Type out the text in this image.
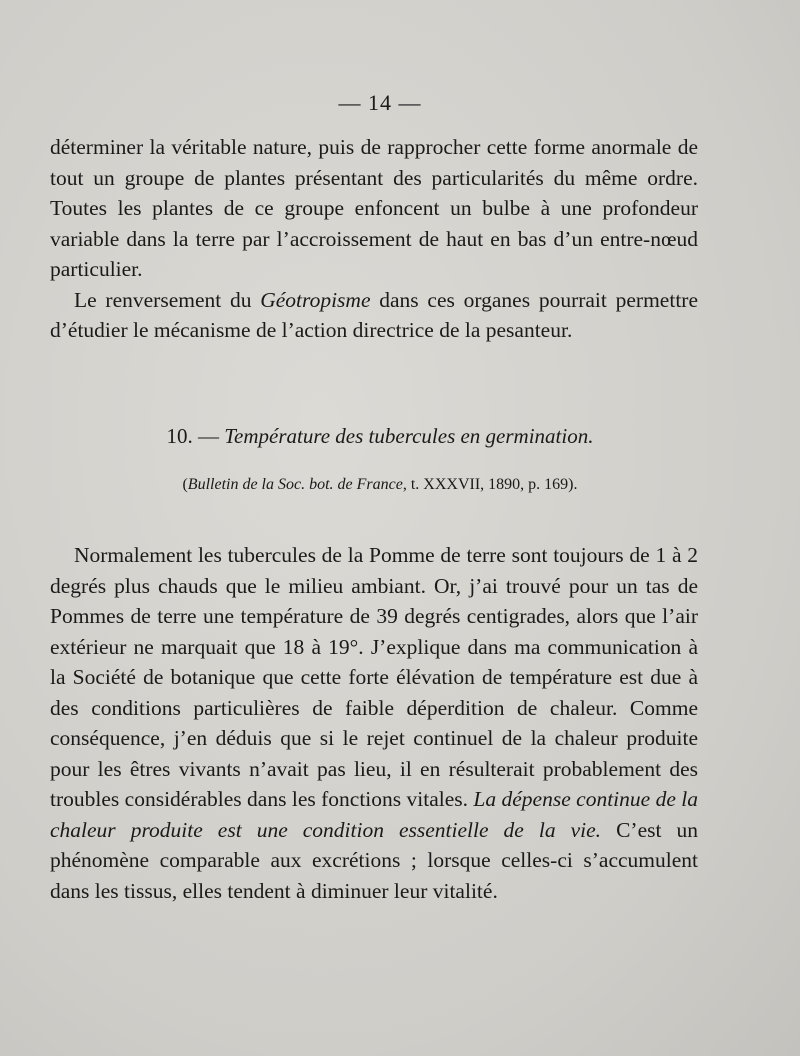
— 14 —

déterminer la véritable nature, puis de rapprocher cette forme anormale de tout un groupe de plantes présentant des particularités du même ordre. Toutes les plantes de ce groupe enfoncent un bulbe à une profondeur variable dans la terre par l’accroissement de haut en bas d’un entre-nœud particulier.

Le renversement du Géotropisme dans ces organes pourrait permettre d’étudier le mécanisme de l’action directrice de la pesanteur.

10. — Température des tubercules en germination.
(Bulletin de la Soc. bot. de France, t. XXXVII, 1890, p. 169).

Normalement les tubercules de la Pomme de terre sont toujours de 1 à 2 degrés plus chauds que le milieu ambiant. Or, j’ai trouvé pour un tas de Pommes de terre une température de 39 degrés centigrades, alors que l’air extérieur ne marquait que 18 à 19°. J’explique dans ma communication à la Société de botanique que cette forte élévation de température est due à des conditions particulières de faible déperdition de chaleur. Comme conséquence, j’en déduis que si le rejet continuel de la chaleur produite pour les êtres vivants n’avait pas lieu, il en résulterait probablement des troubles considérables dans les fonctions vitales. La dépense continue de la chaleur produite est une condition essentielle de la vie. C’est un phénomène comparable aux excrétions ; lorsque celles-ci s’accumulent dans les tissus, elles tendent à diminuer leur vitalité.
